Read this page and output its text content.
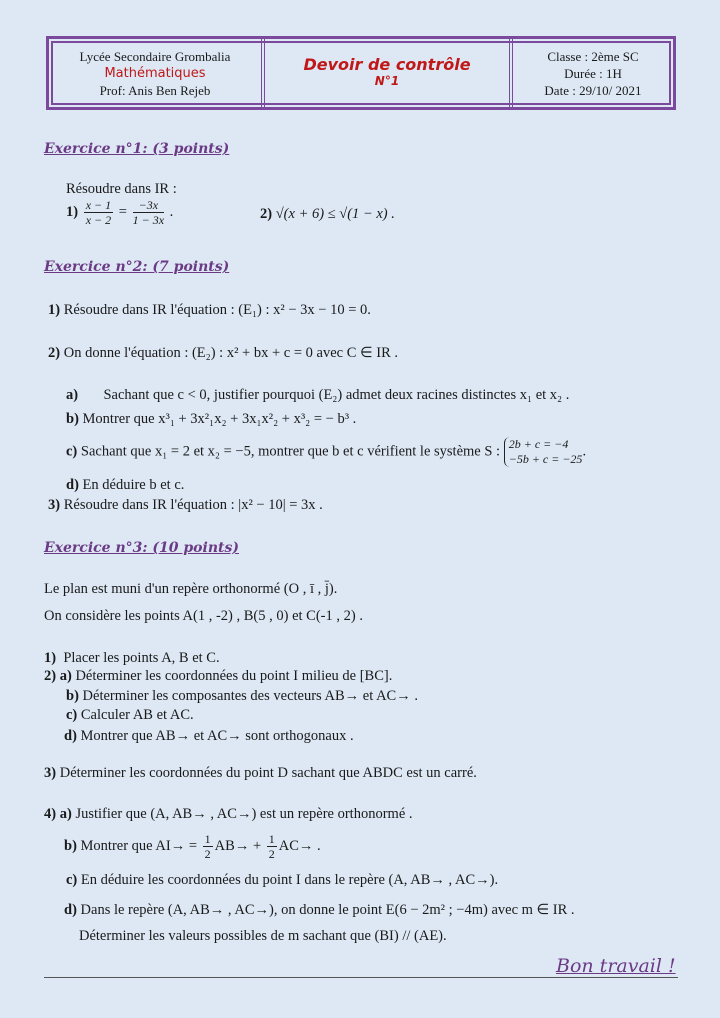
Lycée Secondaire Grombalia
Mathématiques
Prof: Anis Ben Rejeb
Devoir de contrôle
N°1
Classe : 2ème SC
Durée : 1H
Date : 29/10/ 2021
Exercice n°1: (3 points)
Résoudre dans IR :
$1) \frac{x - 1}{x - 2} = \frac{-3x}{1 - 3x}$ .	2) √(x + 6) ≤ √(1 − x) .
Exercice n°2: (7 points)
1) Résoudre dans IR l'équation : (E₁) : x² − 3x − 10 = 0.
2) On donne l'équation : (E₂) : x² + bx + c = 0 avec C ∈ IR .
a) Sachant que c < 0, justifier pourquoi (E₂) admet deux racines distinctes x₁ et x₂ .
b) Montrer que x³₁ + 3x²₁x₂ + 3x₁x²₂ + x³₂ = − b³ .
c) Sachant que x₁ = 2 et x₂ = −5, montrer que b et c vérifient le système S : 2b + c = −4
−5b + c = −25 .
d) En déduire b et c.
3) Résoudre dans IR l'équation : |x² − 10| = 3x .
Exercice n°3: (10 points)
Le plan est muni d'un repère orthonormé (O , ī , j̄).
On considère les points A(1 , -2) , B(5 , 0) et C(-1 , 2) .
1) Placer les points A, B et C.
2) a) Déterminer les coordonnées du point I milieu de [BC].
b) Déterminer les composantes des vecteurs AB→ et AC→ .
c) Calculer AB et AC.
d) Montrer que AB→ et AC→ sont orthogonaux .
3) Déterminer les coordonnées du point D sachant que ABDC est un carré.
4) a) Justifier que (A, AB→ , AC→) est un repère orthonormé .
b) Montrer que $AI\to = \frac{1}{2} AB\to + \frac{1}{2} AC\to$ .
c) En déduire les coordonnées du point I dans le repère (A, AB→ , AC→).
d) Dans le repère (A, AB→ , AC→), on donne le point E(6 − 2m² ; −4m) avec m ∈ IR .
Déterminer les valeurs possibles de m sachant que (BI) // (AE).
Bon travail !
